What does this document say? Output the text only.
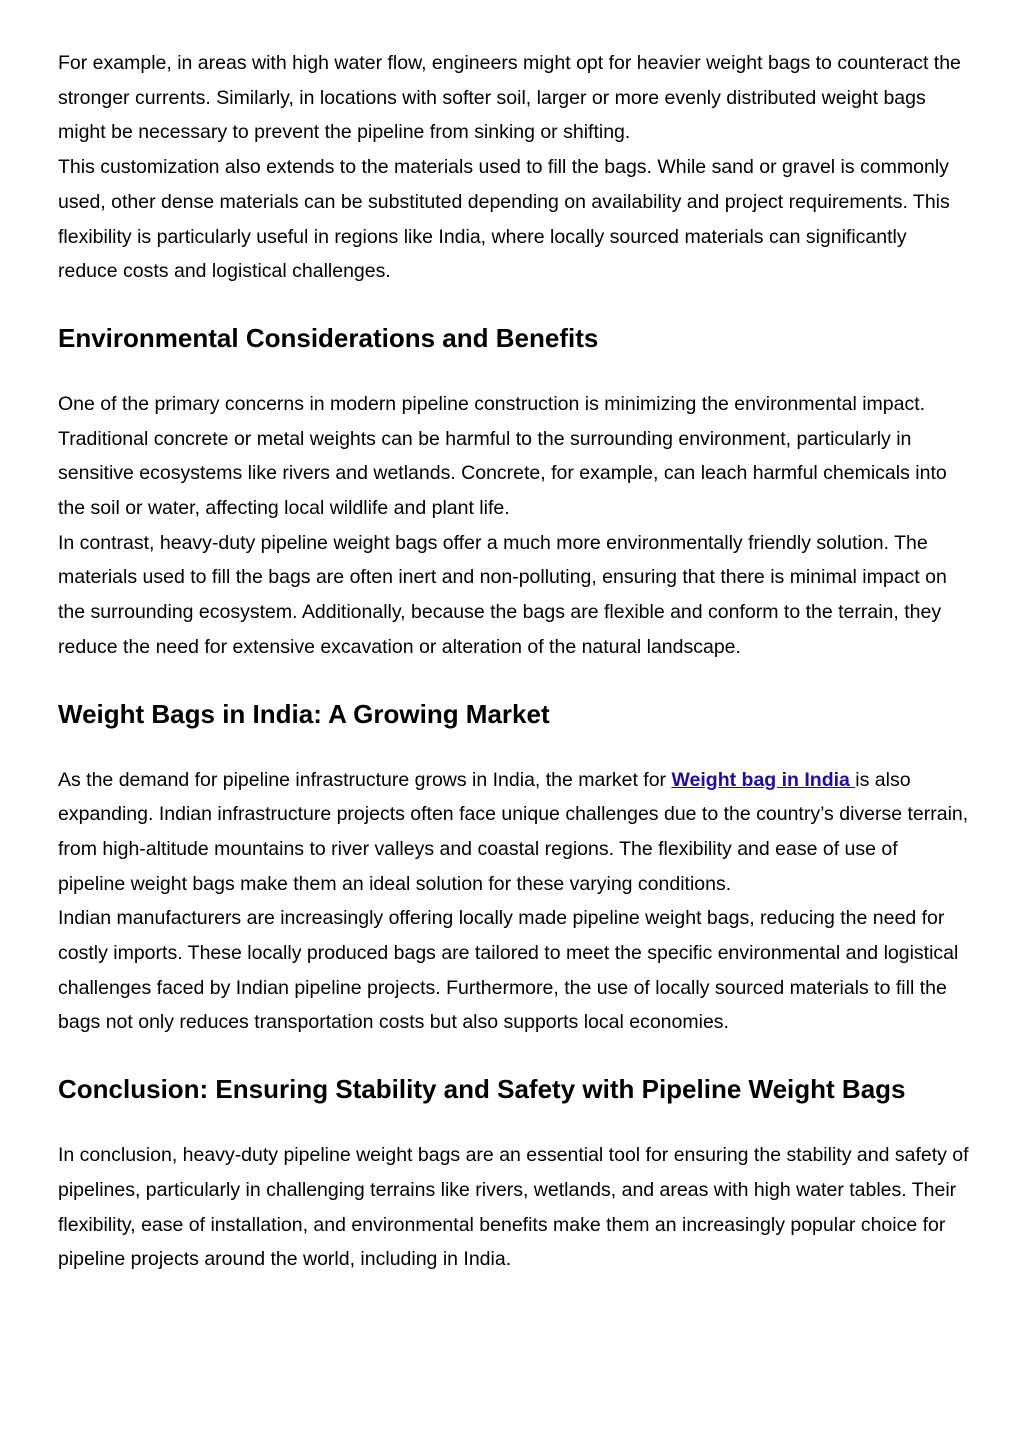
For example, in areas with high water flow, engineers might opt for heavier weight bags to counteract the stronger currents. Similarly, in locations with softer soil, larger or more evenly distributed weight bags might be necessary to prevent the pipeline from sinking or shifting.

This customization also extends to the materials used to fill the bags. While sand or gravel is commonly used, other dense materials can be substituted depending on availability and project requirements. This flexibility is particularly useful in regions like India, where locally sourced materials can significantly reduce costs and logistical challenges.

Environmental Considerations and Benefits

One of the primary concerns in modern pipeline construction is minimizing the environmental impact. Traditional concrete or metal weights can be harmful to the surrounding environment, particularly in sensitive ecosystems like rivers and wetlands. Concrete, for example, can leach harmful chemicals into the soil or water, affecting local wildlife and plant life.

In contrast, heavy-duty pipeline weight bags offer a much more environmentally friendly solution. The materials used to fill the bags are often inert and non-polluting, ensuring that there is minimal impact on the surrounding ecosystem. Additionally, because the bags are flexible and conform to the terrain, they reduce the need for extensive excavation or alteration of the natural landscape.

Weight Bags in India: A Growing Market

As the demand for pipeline infrastructure grows in India, the market for Weight bag in India is also expanding. Indian infrastructure projects often face unique challenges due to the country’s diverse terrain, from high-altitude mountains to river valleys and coastal regions. The flexibility and ease of use of pipeline weight bags make them an ideal solution for these varying conditions.

Indian manufacturers are increasingly offering locally made pipeline weight bags, reducing the need for costly imports. These locally produced bags are tailored to meet the specific environmental and logistical challenges faced by Indian pipeline projects. Furthermore, the use of locally sourced materials to fill the bags not only reduces transportation costs but also supports local economies.

Conclusion: Ensuring Stability and Safety with Pipeline Weight Bags

In conclusion, heavy-duty pipeline weight bags are an essential tool for ensuring the stability and safety of pipelines, particularly in challenging terrains like rivers, wetlands, and areas with high water tables. Their flexibility, ease of installation, and environmental benefits make them an increasingly popular choice for pipeline projects around the world, including in India.
